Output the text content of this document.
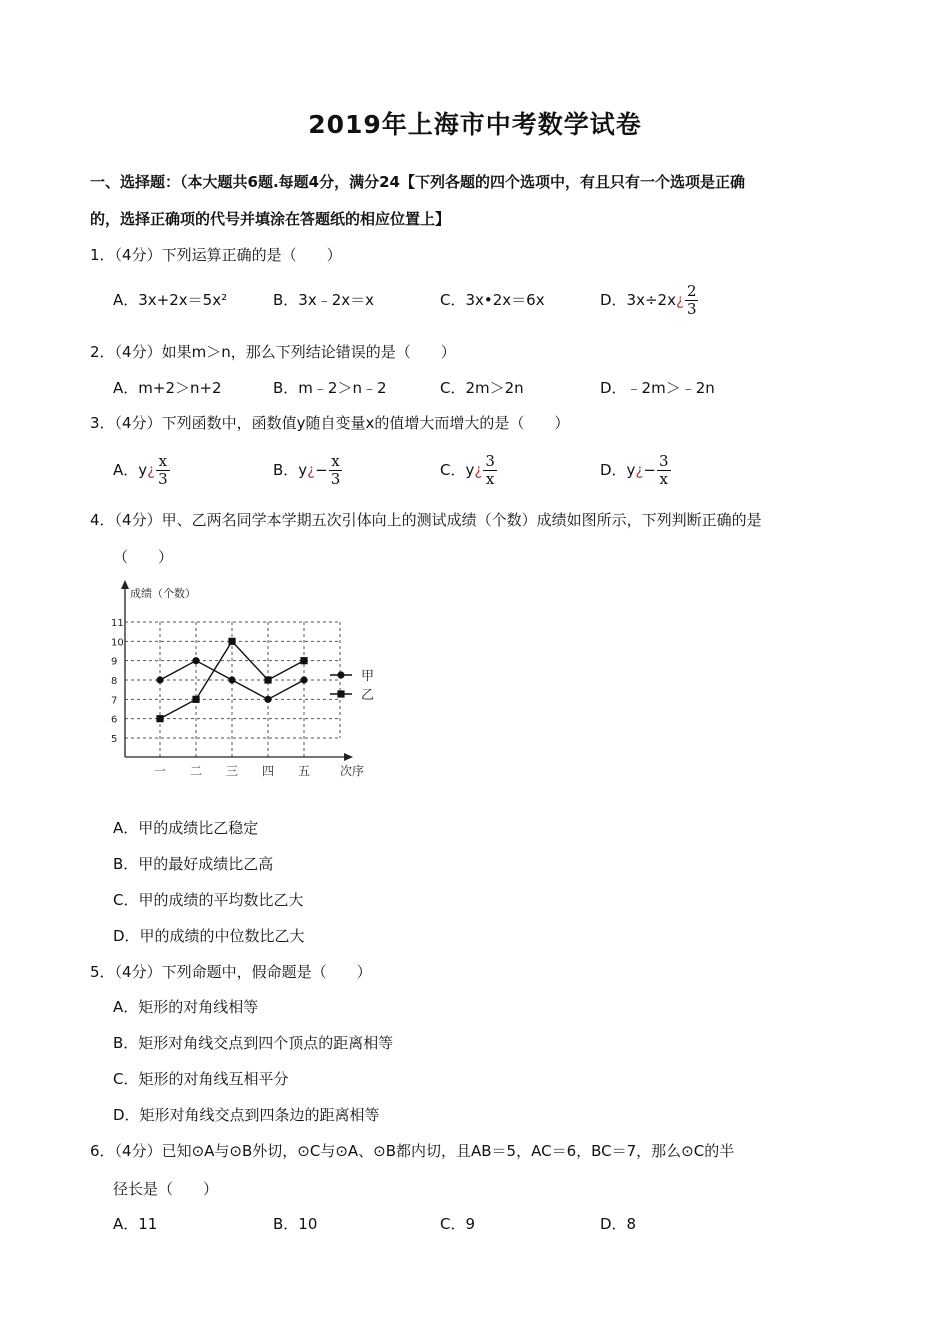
2019年上海市中考数学试卷
一、选择题：（本大题共6题.每题4分，满分24【下列各题的四个选项中，有且只有一个选项是正确
的，选择正确项的代号并填涂在答题纸的相应位置上】
1．（4分）下列运算正确的是（　　）
A．3x+2x＝5x²	B．3x﹣2x＝x	C．3x•2x＝6x	D．3x÷2x¿ $\frac{2}{3}$
2．（4分）如果m＞n，那么下列结论错误的是（　　）
A．m+2＞n+2	B．m﹣2＞n﹣2	C．2m＞2n	D．﹣2m＞﹣2n
3．（4分）下列函数中，函数值y随自变量x的值增大而增大的是（　　）
A．y¿ $\frac{x}{3}$	B．y¿− $\frac{x}{3}$	C．y¿ $\frac{3}{x}$	D．y¿− $\frac{3}{x}$
4．（4分）甲、乙两名同学本学期五次引体向上的测试成绩（个数）成绩如图所示，下列判断正确的是
（　　）
成绩（个数）
次序
5
6
7
8
9
10
11
一 二 三 四 五
甲
乙
A．甲的成绩比乙稳定
B．甲的最好成绩比乙高
C．甲的成绩的平均数比乙大
D．甲的成绩的中位数比乙大
5．（4分）下列命题中，假命题是（　　）
A．矩形的对角线相等
B．矩形对角线交点到四个顶点的距离相等
C．矩形的对角线互相平分
D．矩形对角线交点到四条边的距离相等
6．（4分）已知⊙A与⊙B外切，⊙C与⊙A、⊙B都内切，且AB＝5，AC＝6，BC＝7，那么⊙C的半
径长是（　　）
A．11	B．10	C．9	D．8
